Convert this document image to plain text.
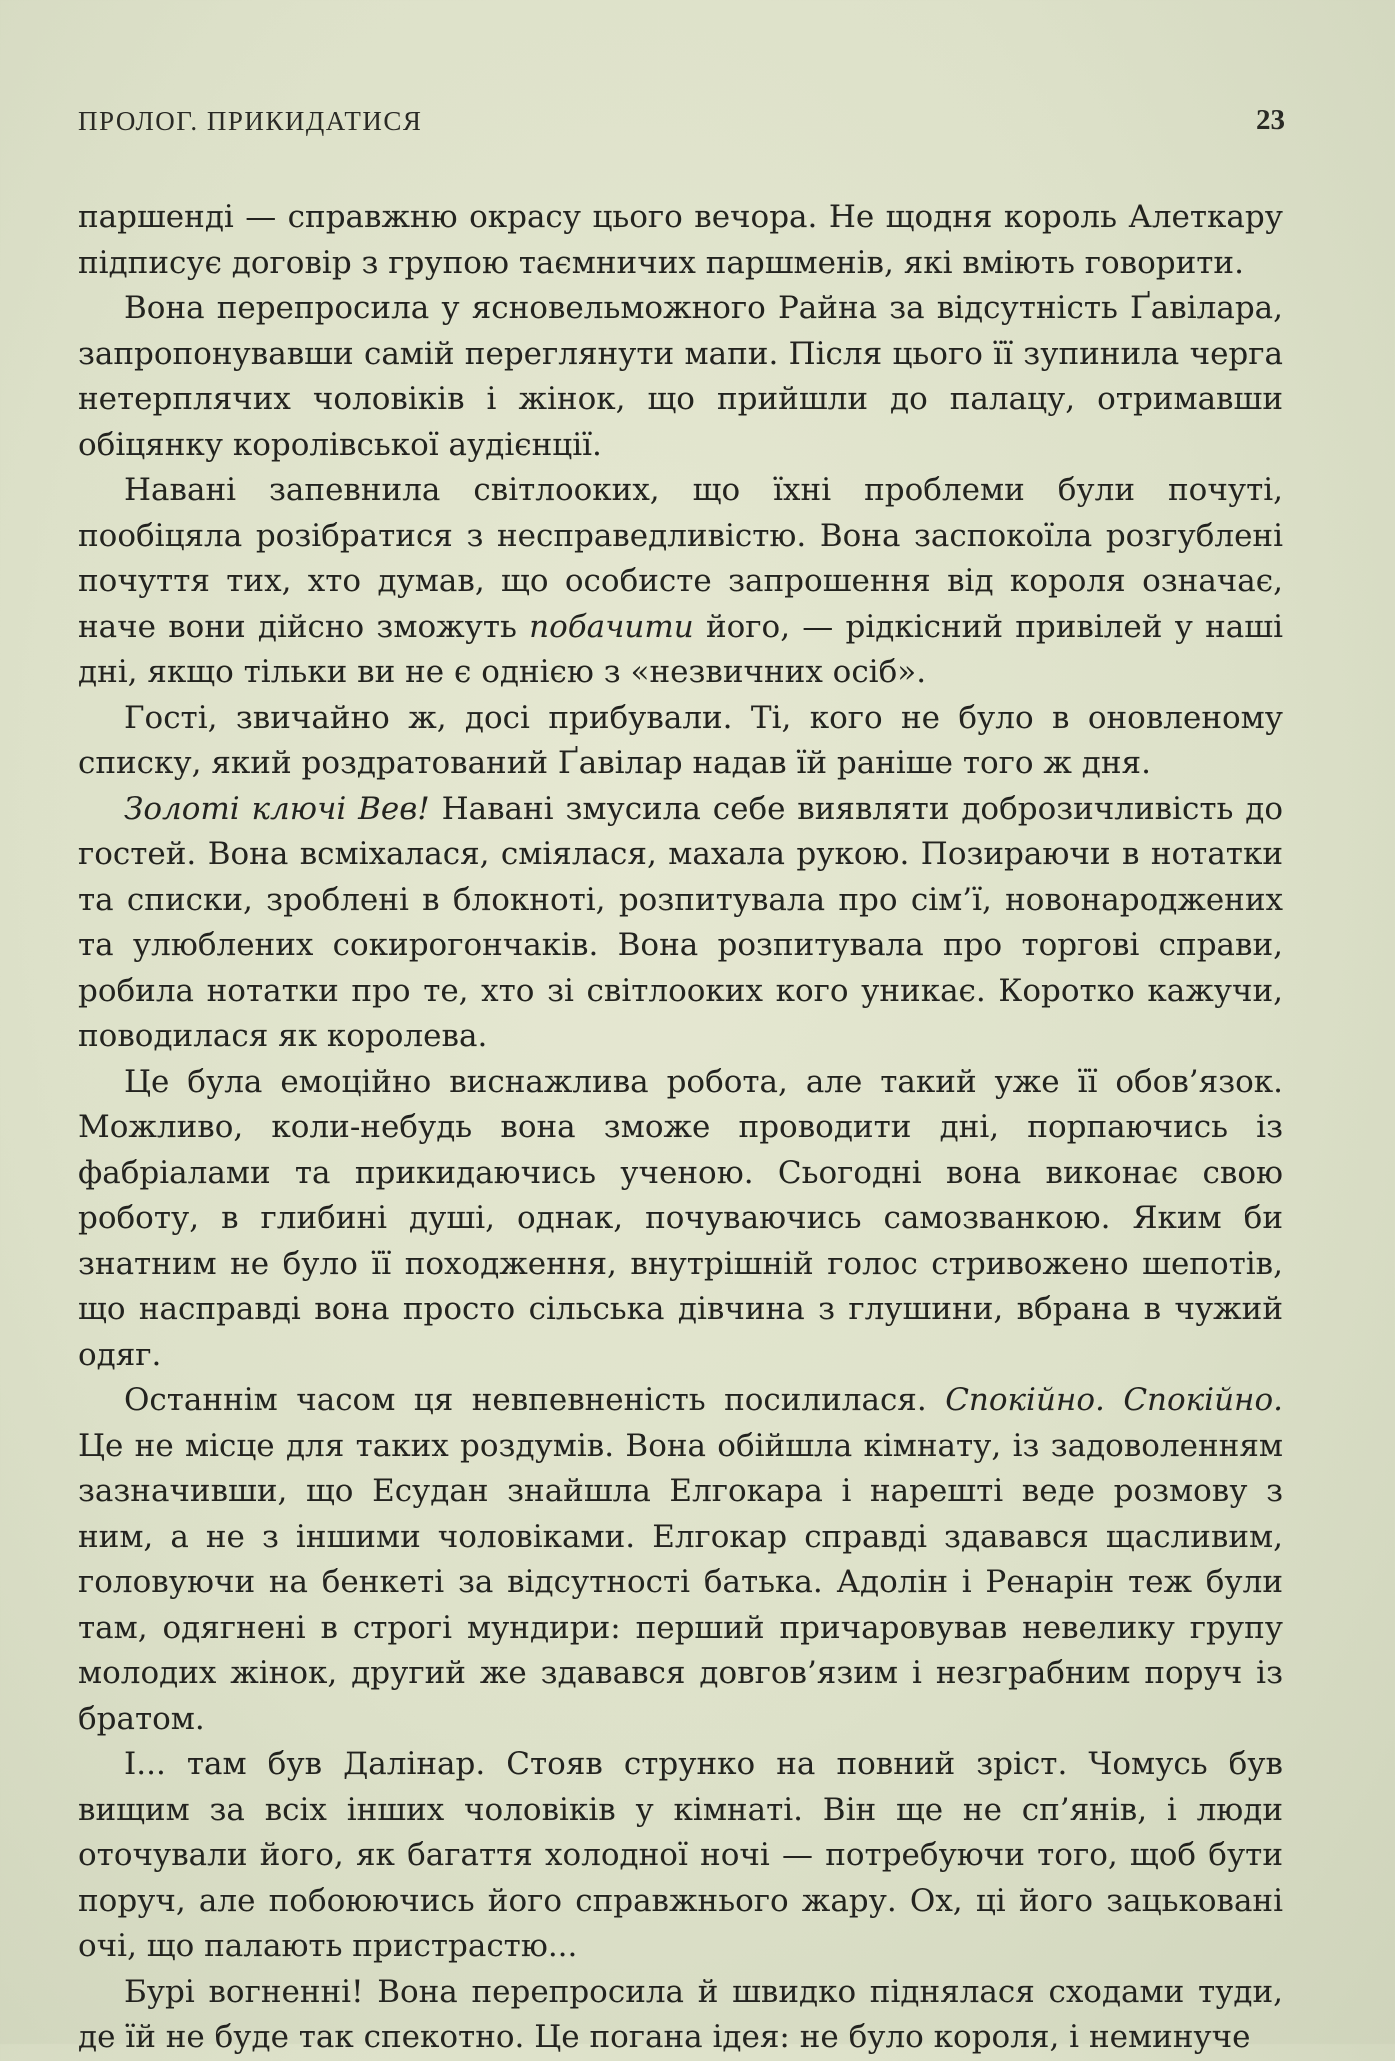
ПРОЛОГ. ПРИКИДАТИСЯ	23

паршенді — справжню окрасу цього вечора. Не щодня король Алеткару підписує договір з групою таємничих паршменів, які вміють говорити.

Вона перепросила у ясновельможного Райна за відсутність Ґавілара, запропонувавши самій переглянути мапи. Після цього її зупинила черга нетерплячих чоловіків і жінок, що прийшли до палацу, отримавши обіцянку королівської аудієнції.

Навані запевнила світлооких, що їхні проблеми були почуті, пообіцяла розібратися з несправедливістю. Вона заспокоїла розгублені почуття тих, хто думав, що особисте запрошення від короля означає, наче вони дійсно зможуть побачити його, — рідкісний привілей у наші дні, якщо тільки ви не є однією з «незвичних осіб».

Гості, звичайно ж, досі прибували. Ті, кого не було в оновленому списку, який роздратований Ґавілар надав їй раніше того ж дня.

Золоті ключі Вев! Навані змусила себе виявляти доброзичливість до гостей. Вона всміхалася, сміялася, махала рукою. Позираючи в нотатки та списки, зроблені в блокноті, розпитувала про сім’ї, новонароджених та улюблених сокирогончаків. Вона розпитувала про торгові справи, робила нотатки про те, хто зі світлооких кого уникає. Коротко кажучи, поводилася як королева.

Це була емоційно виснажлива робота, але такий уже її обов’язок. Можливо, коли-небудь вона зможе проводити дні, порпаючись із фабріалами та прикидаючись ученою. Сьогодні вона виконає свою роботу, в глибині душі, однак, почуваючись самозванкою. Яким би знатним не було її походження, внутрішній голос стривожено шепотів, що насправді вона просто сільська дівчина з глушини, вбрана в чужий одяг.

Останнім часом ця невпевненість посилилася. Спокійно. Спокійно. Це не місце для таких роздумів. Вона обійшла кімнату, із задоволенням зазначивши, що Есудан знайшла Елгокара і нарешті веде розмову з ним, а не з іншими чоловіками. Елгокар справді здавався щасливим, головуючи на бенкеті за відсутності батька. Адолін і Ренарін теж були там, одягнені в строгі мундири: перший причаровував невелику групу молодих жінок, другий же здавався довгов’язим і незграбним поруч із братом.

І... там був Далінар. Стояв струнко на повний зріст. Чомусь був вищим за всіх інших чоловіків у кімнаті. Він ще не сп’янів, і люди оточували його, як багаття холодної ночі — потребуючи того, щоб бути поруч, але побоюючись його справжнього жару. Ох, ці його зацьковані очі, що палають пристрастю...

Бурі вогненні! Вона перепросила й швидко піднялася сходами туди, де їй не буде так спекотно. Це погана ідея: не було короля, і неминуче
